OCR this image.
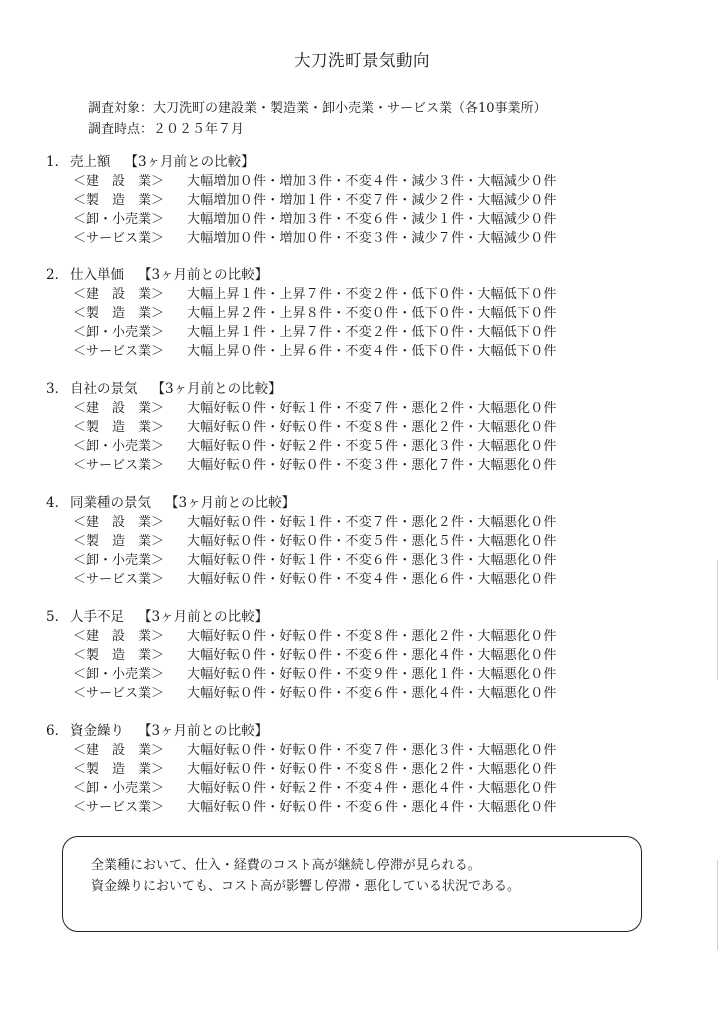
大刀洗町景気動向
調査対象：大刀洗町の建設業・製造業・卸小売業・サービス業（各10事業所）
調査時点：２０２５年７月
1． 売上額 【3ヶ月前との比較】
＜建　設　業＞ 大幅増加０件・増加３件・不変４件・減少３件・大幅減少０件
＜製　造　業＞ 大幅増加０件・増加１件・不変７件・減少２件・大幅減少０件
＜卸・小売業＞ 大幅増加０件・増加３件・不変６件・減少１件・大幅減少０件
＜サービス業＞ 大幅増加０件・増加０件・不変３件・減少７件・大幅減少０件
2． 仕入単価 【3ヶ月前との比較】
＜建　設　業＞ 大幅上昇１件・上昇７件・不変２件・低下０件・大幅低下０件
＜製　造　業＞ 大幅上昇２件・上昇８件・不変０件・低下０件・大幅低下０件
＜卸・小売業＞ 大幅上昇１件・上昇７件・不変２件・低下０件・大幅低下０件
＜サービス業＞ 大幅上昇０件・上昇６件・不変４件・低下０件・大幅低下０件
3． 自社の景気 【3ヶ月前との比較】
＜建　設　業＞ 大幅好転０件・好転１件・不変７件・悪化２件・大幅悪化０件
＜製　造　業＞ 大幅好転０件・好転０件・不変８件・悪化２件・大幅悪化０件
＜卸・小売業＞ 大幅好転０件・好転２件・不変５件・悪化３件・大幅悪化０件
＜サービス業＞ 大幅好転０件・好転０件・不変３件・悪化７件・大幅悪化０件
4． 同業種の景気 【3ヶ月前との比較】
＜建　設　業＞ 大幅好転０件・好転１件・不変７件・悪化２件・大幅悪化０件
＜製　造　業＞ 大幅好転０件・好転０件・不変５件・悪化５件・大幅悪化０件
＜卸・小売業＞ 大幅好転０件・好転１件・不変６件・悪化３件・大幅悪化０件
＜サービス業＞ 大幅好転０件・好転０件・不変４件・悪化６件・大幅悪化０件
5． 人手不足 【3ヶ月前との比較】
＜建　設　業＞ 大幅好転０件・好転０件・不変８件・悪化２件・大幅悪化０件
＜製　造　業＞ 大幅好転０件・好転０件・不変６件・悪化４件・大幅悪化０件
＜卸・小売業＞ 大幅好転０件・好転０件・不変９件・悪化１件・大幅悪化０件
＜サービス業＞ 大幅好転０件・好転０件・不変６件・悪化４件・大幅悪化０件
6． 資金繰り 【3ヶ月前との比較】
＜建　設　業＞ 大幅好転０件・好転０件・不変７件・悪化３件・大幅悪化０件
＜製　造　業＞ 大幅好転０件・好転０件・不変８件・悪化２件・大幅悪化０件
＜卸・小売業＞ 大幅好転０件・好転２件・不変４件・悪化４件・大幅悪化０件
＜サービス業＞ 大幅好転０件・好転０件・不変６件・悪化４件・大幅悪化０件
全業種において、仕入・経費のコスト高が継続し停滞が見られる。
資金繰りにおいても、コスト高が影響し停滞・悪化している状況である。
